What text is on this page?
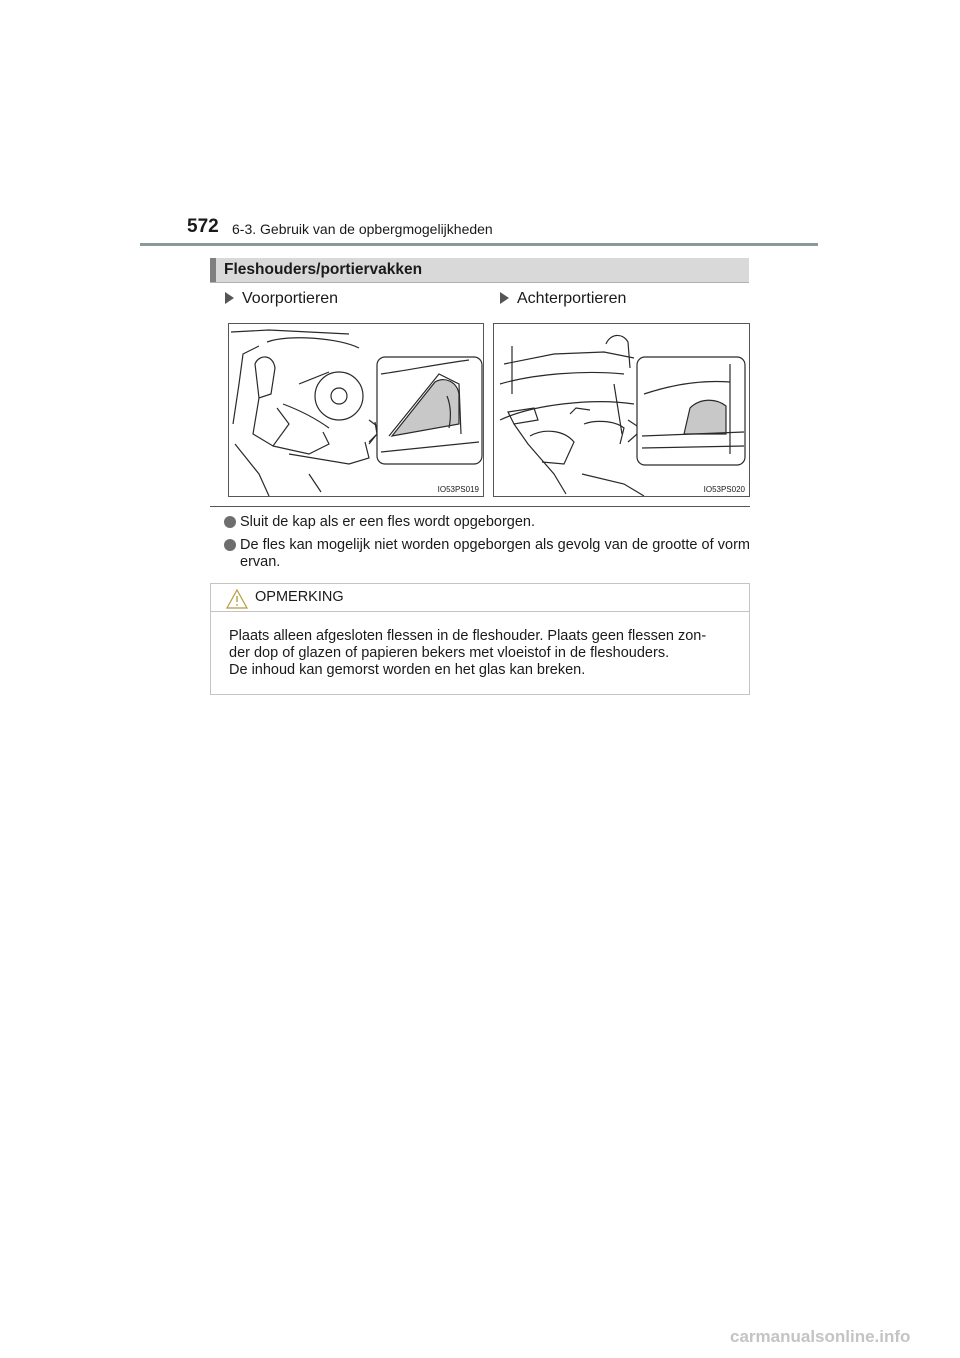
572 6-3. Gebruik van de opbergmogelijkheden
Fleshouders/portiervakken
Voorportieren	Achterportieren
IO53PS019	IO53PS020
Sluit de kap als er een fles wordt opgeborgen.
De fles kan mogelijk niet worden opgeborgen als gevolg van de grootte of vorm ervan.
OPMERKING
Plaats alleen afgesloten flessen in de fleshouder. Plaats geen flessen zon-
der dop of glazen of papieren bekers met vloeistof in de fleshouders.
De inhoud kan gemorst worden en het glas kan breken.
carmanualsonline.info
